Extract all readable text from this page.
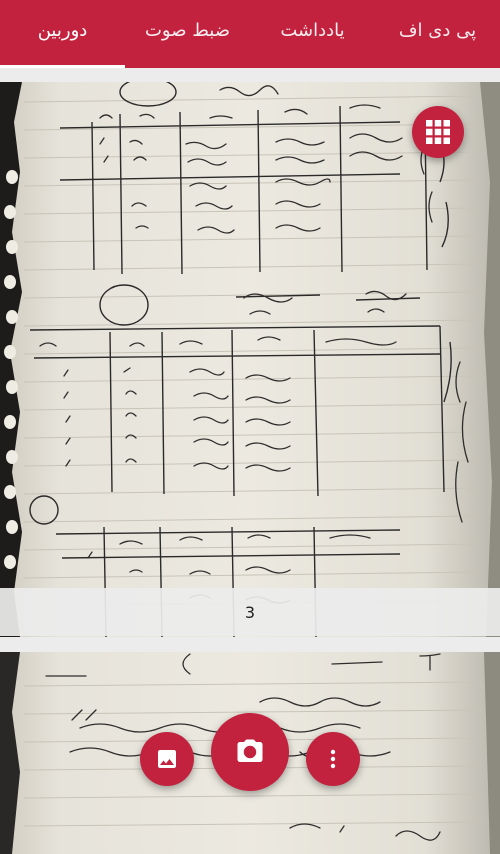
پی دی اف
یادداشت
ضبط صوت
دوربین
3
